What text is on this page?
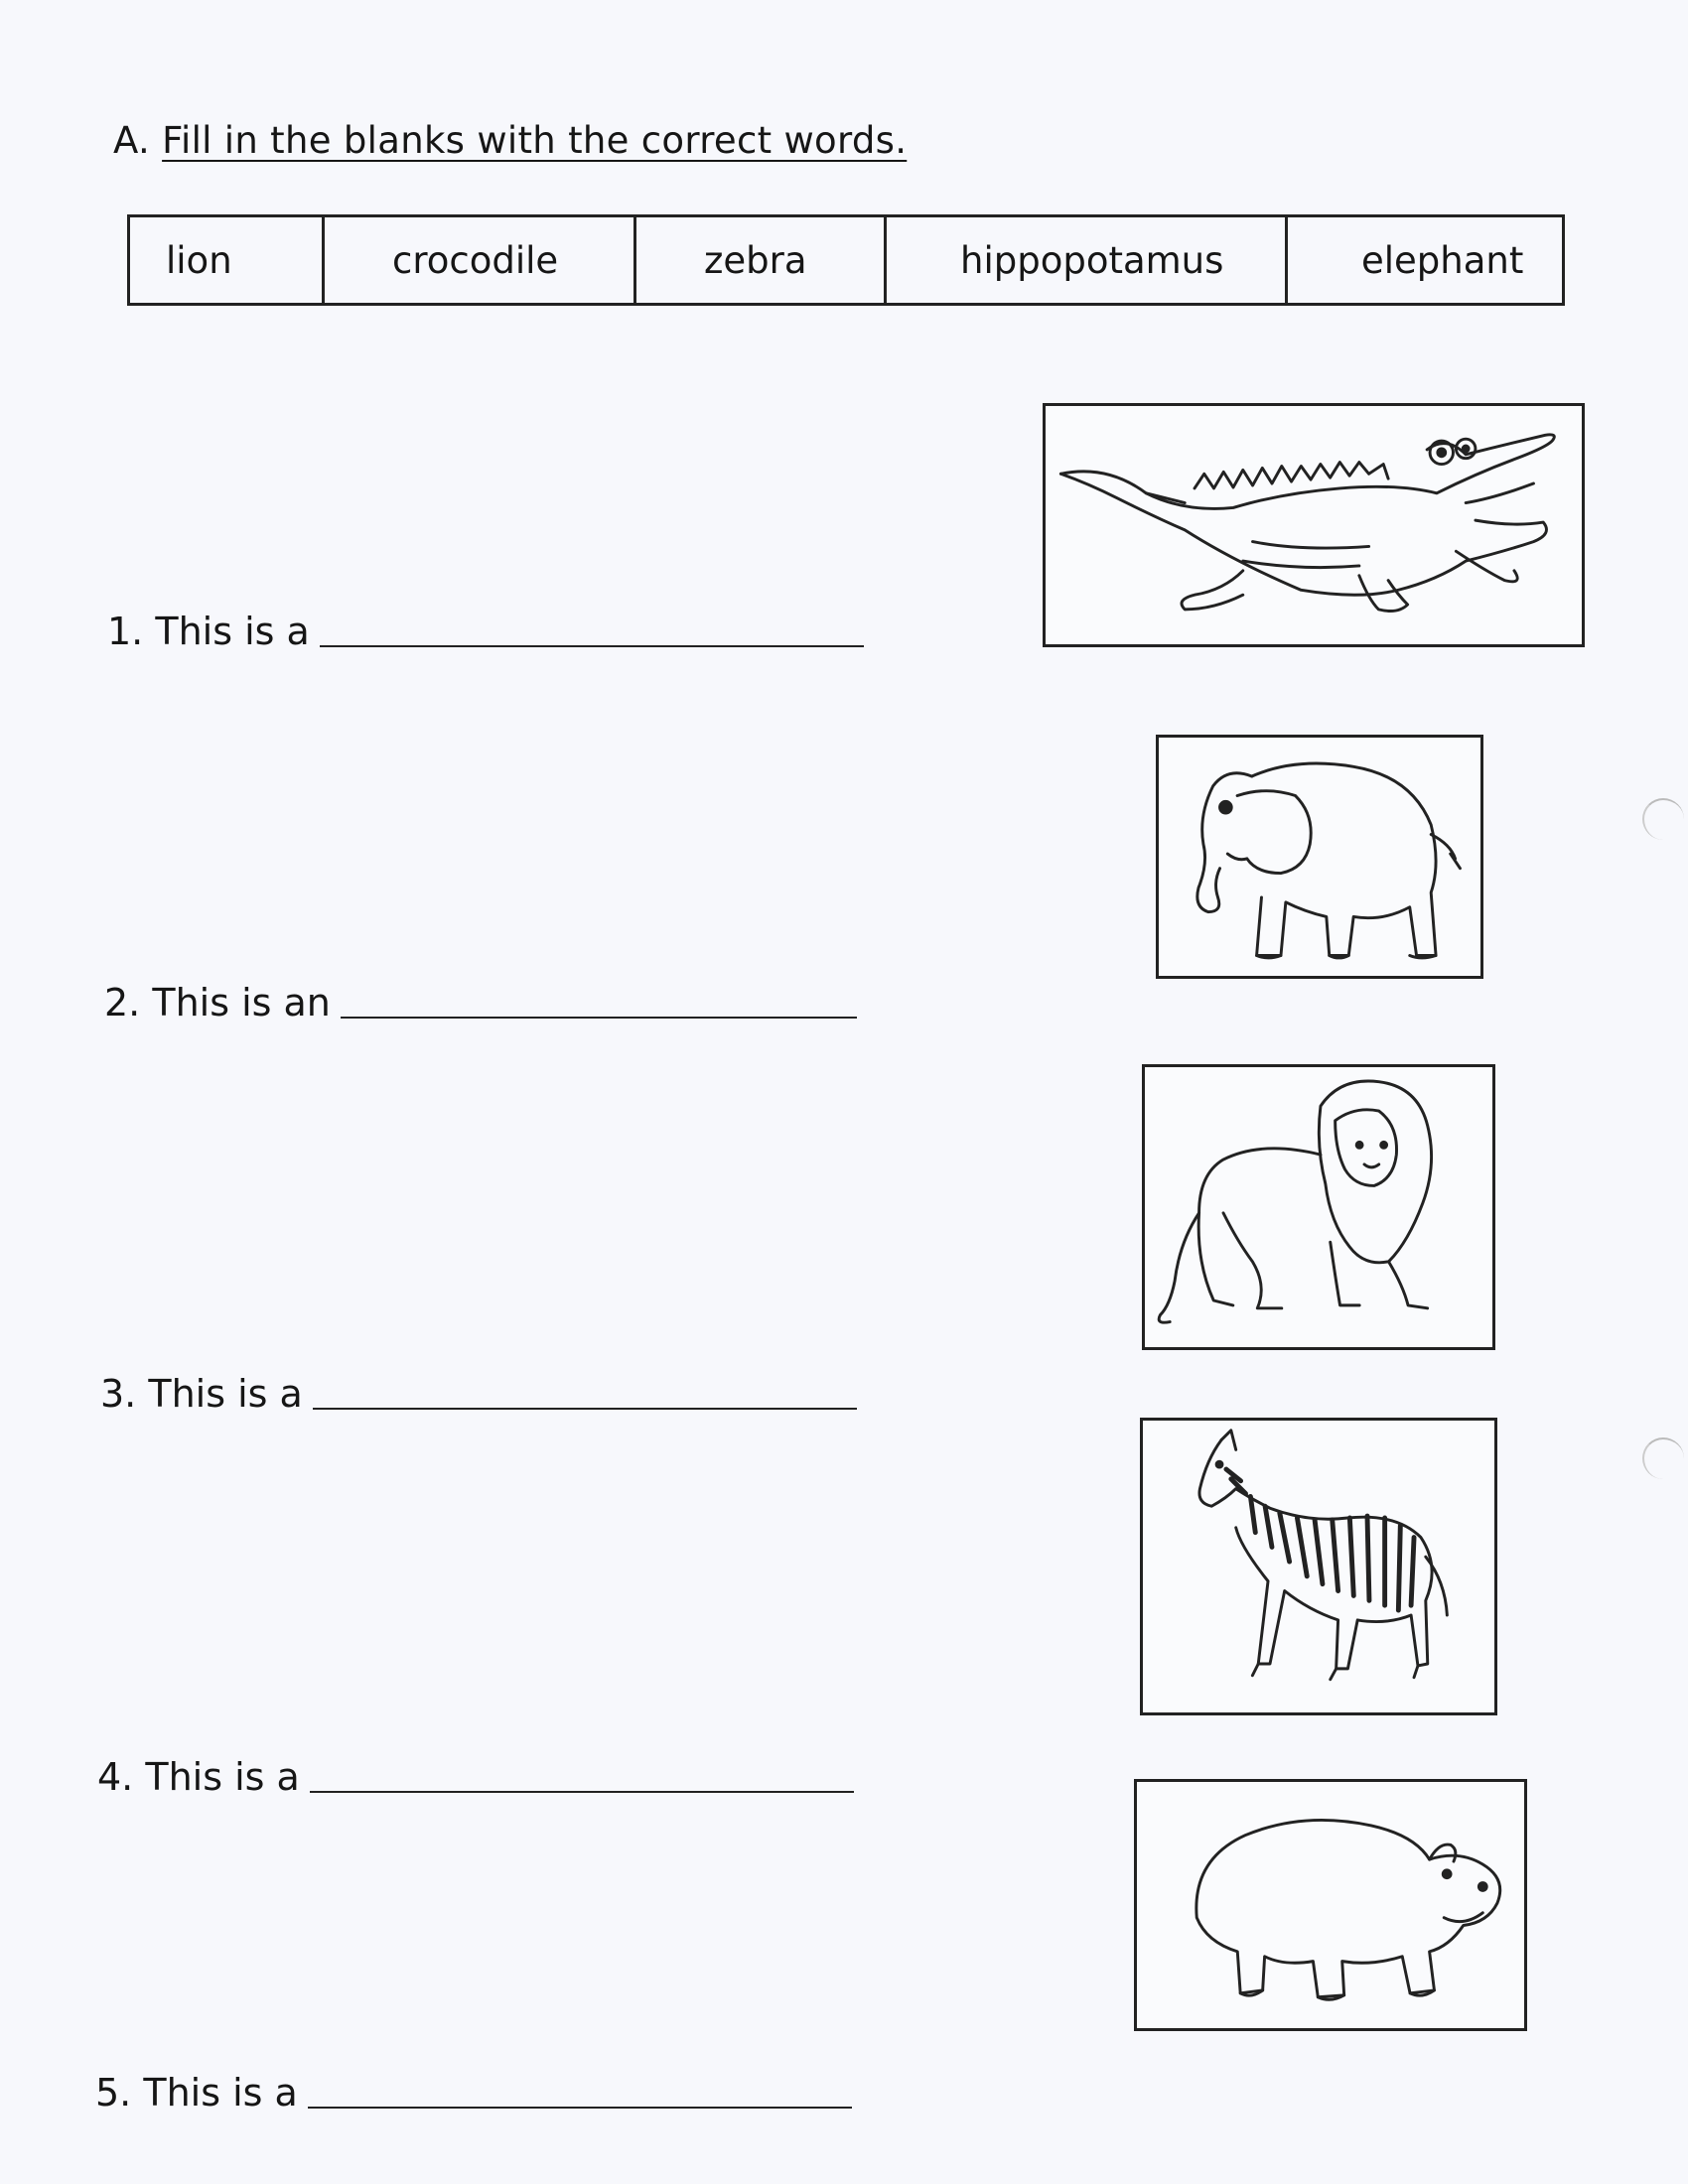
A. Fill in the blanks with the correct words.
lion	crocodile	zebra	hippopotamus	elephant
1.
This is a
2.
This is an
3.
This is a
4.
This is a
5.
This is a
